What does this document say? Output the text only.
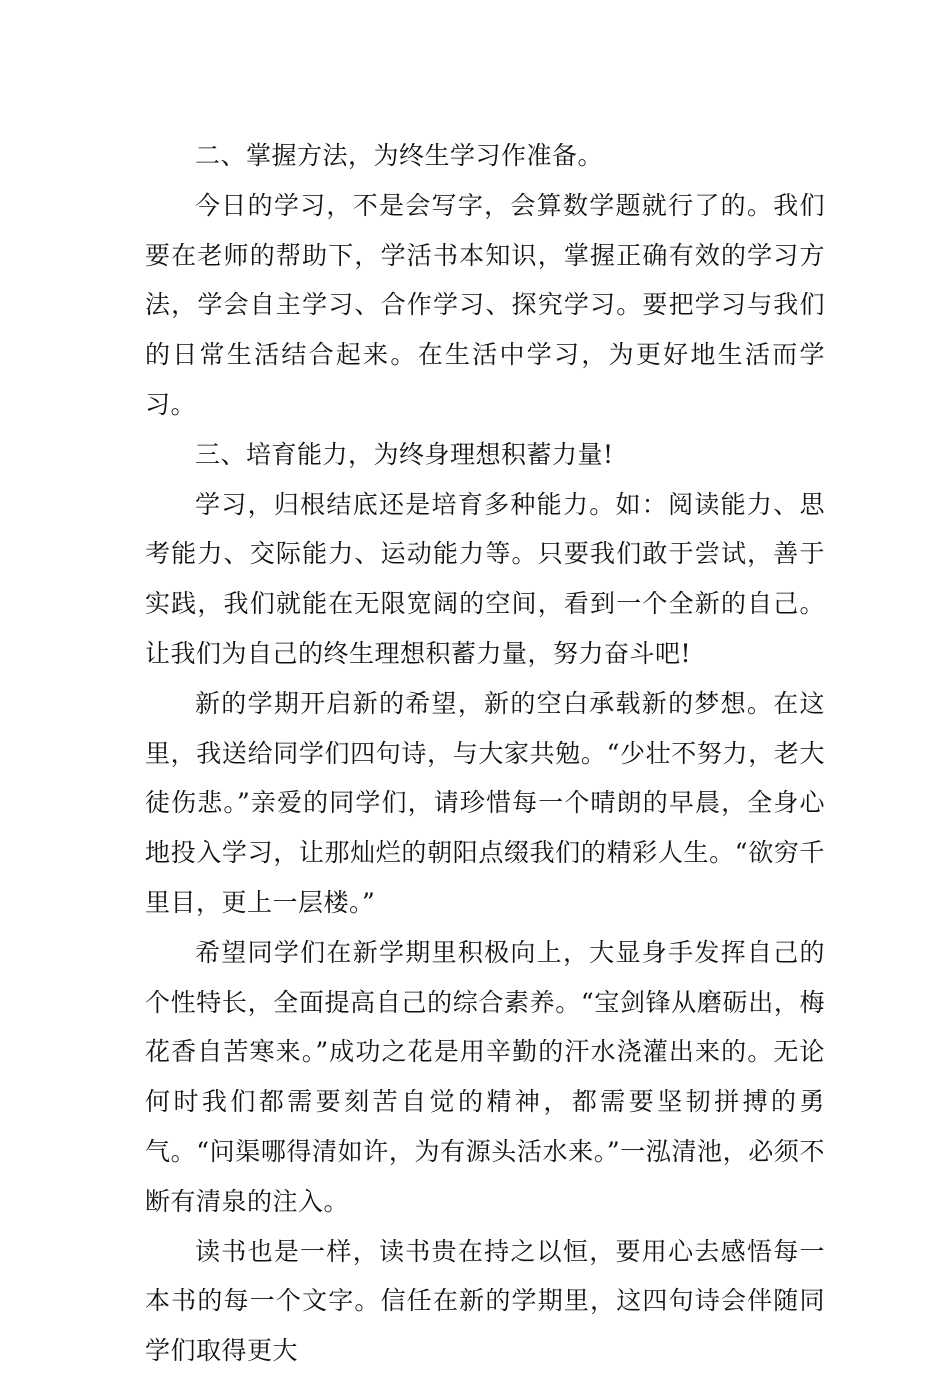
二、掌握方法，为终生学习作准备。

今日的学习，不是会写字，会算数学题就行了的。我们要在老师的帮助下，学活书本知识，掌握正确有效的学习方法，学会自主学习、合作学习、探究学习。要把学习与我们的日常生活结合起来。在生活中学习，为更好地生活而学习。

三、培育能力，为终身理想积蓄力量!

学习，归根结底还是培育多种能力。如：阅读能力、思考能力、交际能力、运动能力等。只要我们敢于尝试，善于实践，我们就能在无限宽阔的空间，看到一个全新的自己。让我们为自己的终生理想积蓄力量，努力奋斗吧!

新的学期开启新的希望，新的空白承载新的梦想。在这里，我送给同学们四句诗，与大家共勉。“少壮不努力，老大徒伤悲。”亲爱的同学们，请珍惜每一个晴朗的早晨，全身心地投入学习，让那灿烂的朝阳点缀我们的精彩人生。“欲穷千里目，更上一层楼。”

希望同学们在新学期里积极向上，大显身手发挥自己的个性特长，全面提高自己的综合素养。“宝剑锋从磨砺出，梅花香自苦寒来。”成功之花是用辛勤的汗水浇灌出来的。无论何时我们都需要刻苦自觉的精神，都需要坚韧拼搏的勇气。“问渠哪得清如许，为有源头活水来。”一泓清池，必须不断有清泉的注入。

读书也是一样，读书贵在持之以恒，要用心去感悟每一本书的每一个文字。信任在新的学期里，这四句诗会伴随同学们取得更大
